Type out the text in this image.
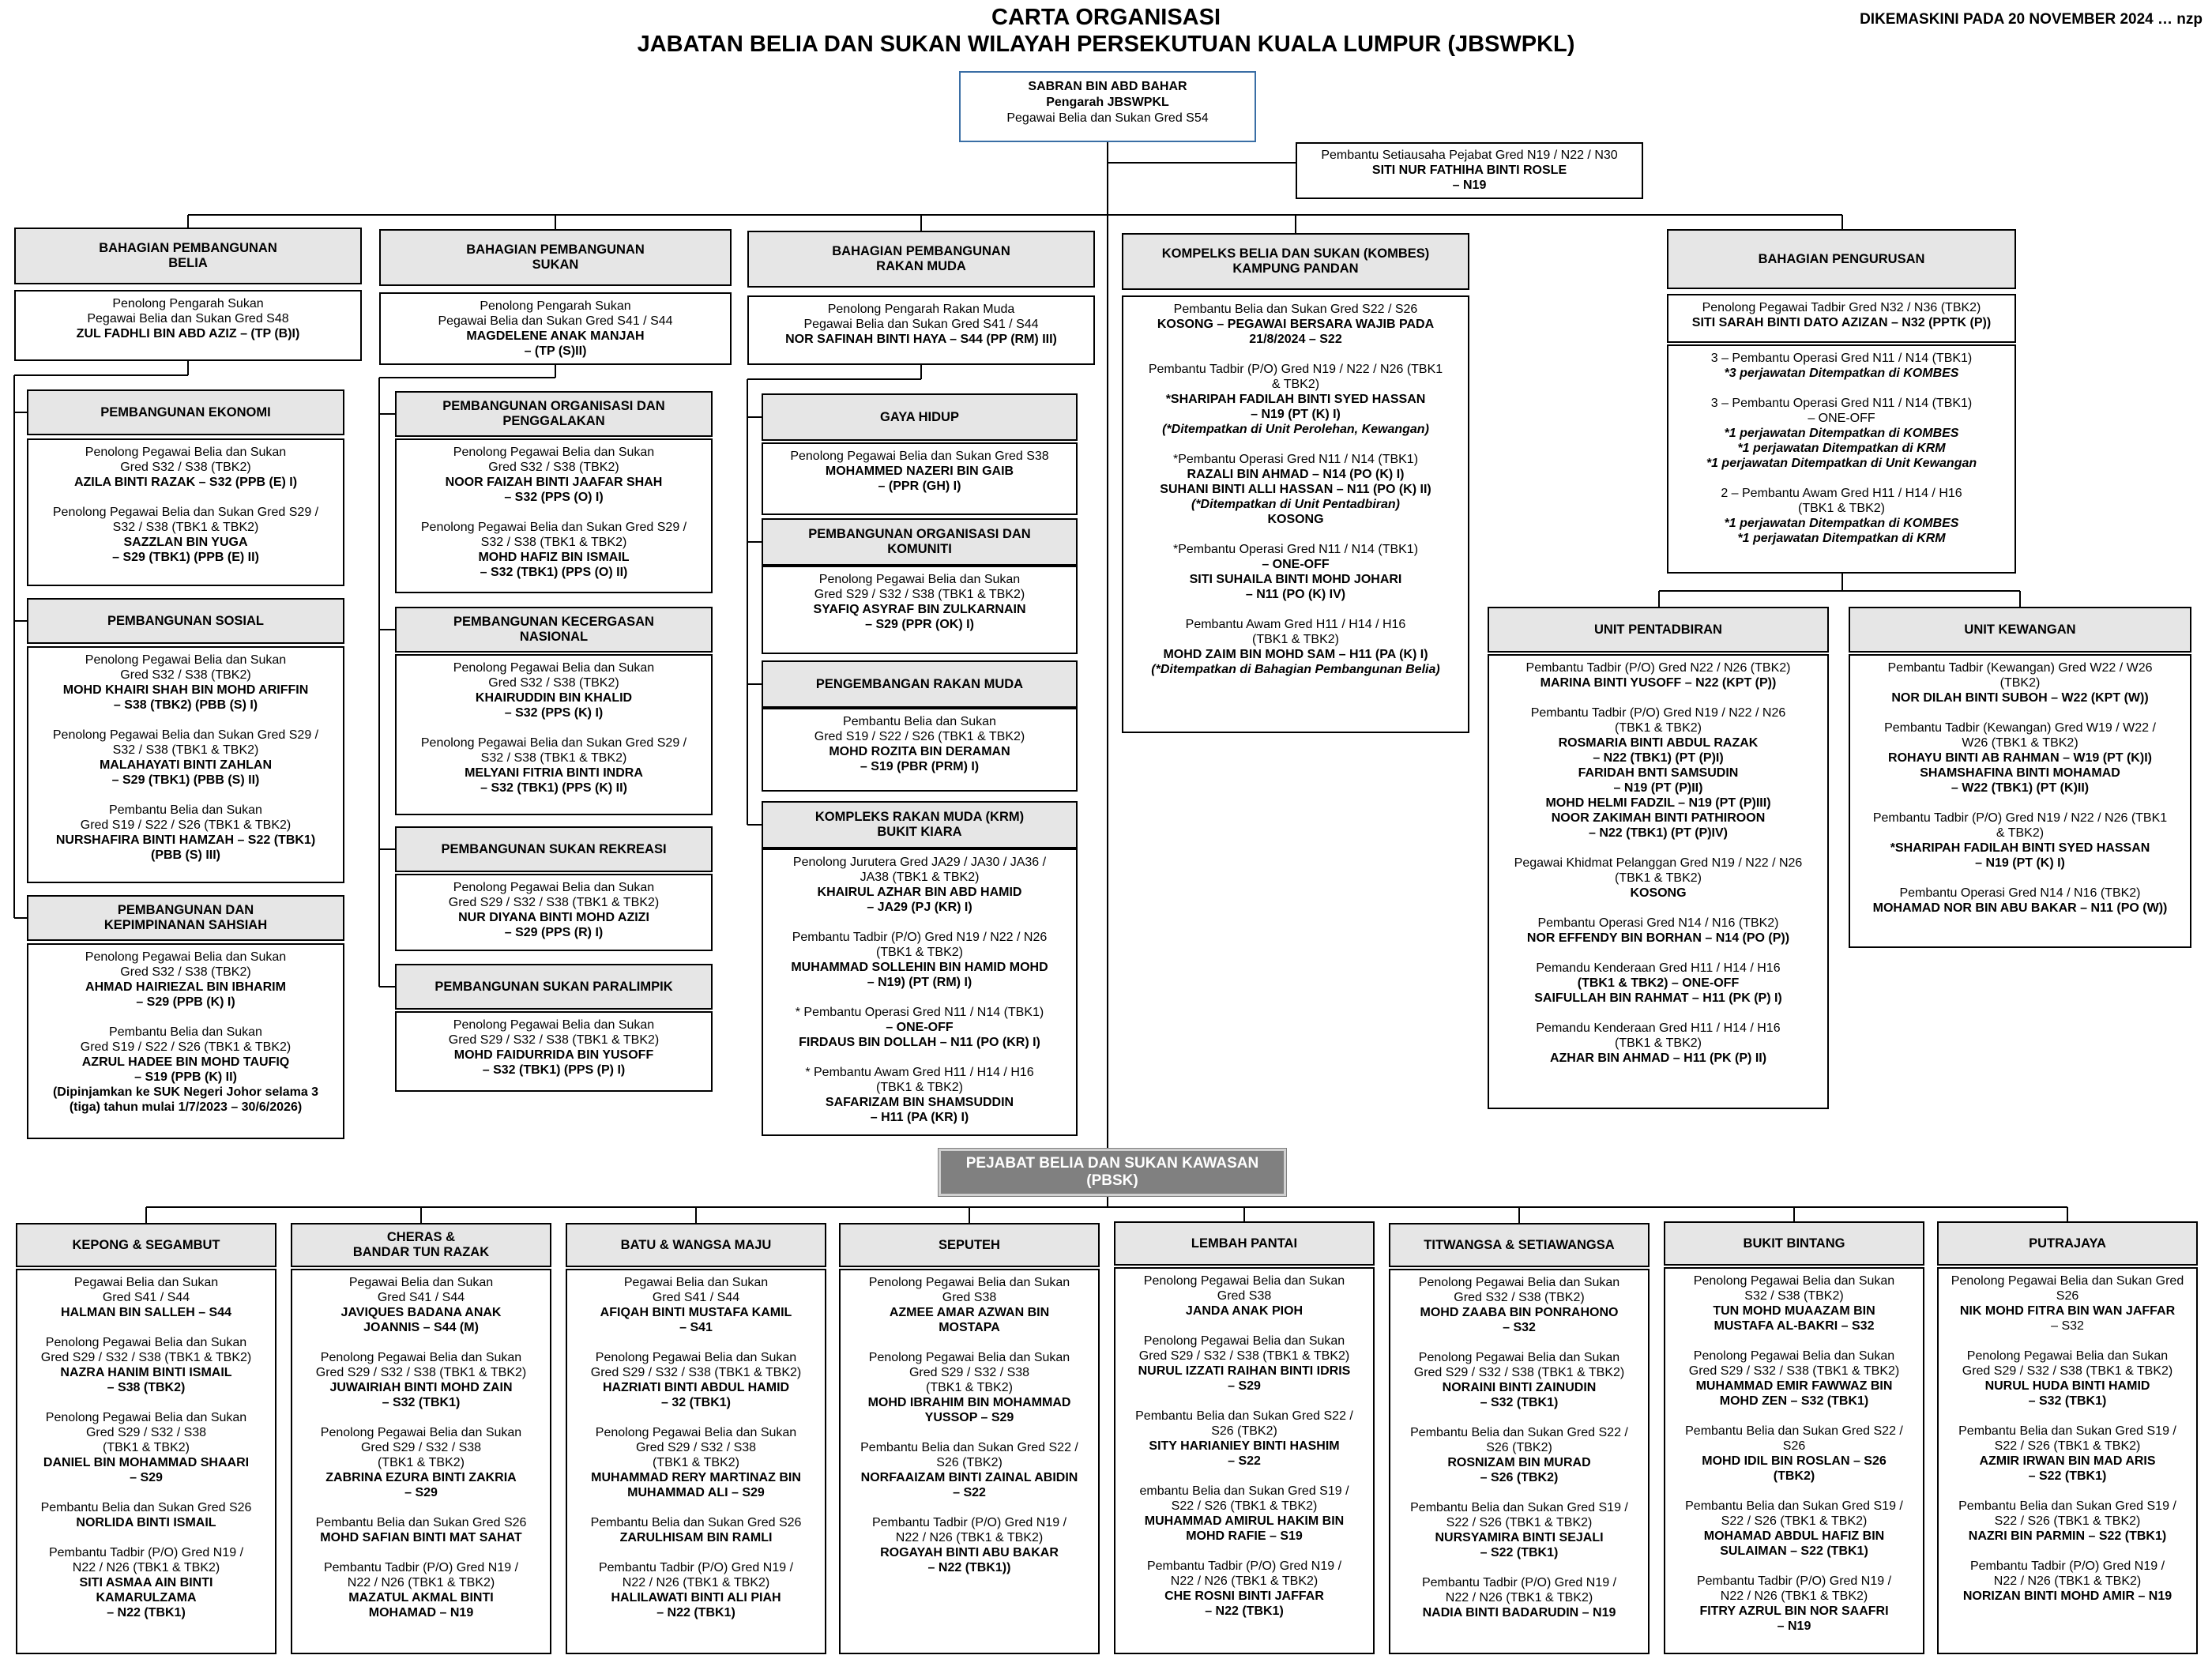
CARTA ORGANISASI
JABATAN BELIA DAN SUKAN WILAYAH PERSEKUTUAN KUALA LUMPUR (JBSWPKL)
DIKEMASKINI PADA 20 NOVEMBER 2024 … nzp
SABRAN BIN ABD BAHAR
Pengarah JBSWPKL
Pegawai Belia dan Sukan Gred S54
Pembantu Setiausaha Pejabat Gred N19 / N22 / N30
SITI NUR FATHIHA BINTI ROSLE
– N19
PEJABAT BELIA DAN SUKAN KAWASAN
(PBSK)
BAHAGIAN PEMBANGUNAN
BELIA
Penolong Pengarah Sukan
Pegawai Belia dan Sukan Gred S48
ZUL FADHLI BIN ABD AZIZ – (TP (B)I)
PEMBANGUNAN EKONOMI
Penolong Pegawai Belia dan Sukan
Gred S32 / S38 (TBK2)
AZILA BINTI RAZAK – S32 (PPB (E) I)
Penolong Pegawai Belia dan Sukan Gred S29 /
S32 / S38 (TBK1 & TBK2)
SAZZLAN BIN YUGA
– S29 (TBK1) (PPB (E) II)
PEMBANGUNAN SOSIAL
Penolong Pegawai Belia dan Sukan
Gred S32 / S38 (TBK2)
MOHD KHAIRI SHAH BIN MOHD ARIFFIN
– S38 (TBK2) (PBB (S) I)
Penolong Pegawai Belia dan Sukan Gred S29 /
S32 / S38 (TBK1 & TBK2)
MALAHAYATI BINTI ZAHLAN
– S29 (TBK1) (PBB (S) II)
Pembantu Belia dan Sukan
Gred S19 / S22 / S26 (TBK1 & TBK2)
NURSHAFIRA BINTI HAMZAH – S22 (TBK1)
(PBB (S) III)
PEMBANGUNAN DAN
KEPIMPINANAN SAHSIAH
Penolong Pegawai Belia dan Sukan
Gred S32 / S38 (TBK2)
AHMAD HAIRIEZAL BIN IBHARIM
– S29 (PPB (K) I)
Pembantu Belia dan Sukan
Gred S19 / S22 / S26 (TBK1 & TBK2)
AZRUL HADEE BIN MOHD TAUFIQ
– S19 (PPB (K) II)
(Dipinjamkan ke SUK Negeri Johor selama 3
(tiga) tahun mulai 1/7/2023 – 30/6/2026)
BAHAGIAN PEMBANGUNAN
SUKAN
Penolong Pengarah Sukan
Pegawai Belia dan Sukan Gred S41 / S44
MAGDELENE ANAK MANJAH
– (TP (S)II)
PEMBANGUNAN ORGANISASI DAN
PENGGALAKAN
Penolong Pegawai Belia dan Sukan
Gred S32 / S38 (TBK2)
NOOR FAIZAH BINTI JAAFAR SHAH
– S32 (PPS (O) I)
Penolong Pegawai Belia dan Sukan Gred S29 /
S32 / S38 (TBK1 & TBK2)
MOHD HAFIZ BIN ISMAIL
– S32 (TBK1) (PPS (O) II)
PEMBANGUNAN KECERGASAN
NASIONAL
Penolong Pegawai Belia dan Sukan
Gred S32 / S38 (TBK2)
KHAIRUDDIN BIN KHALID
– S32 (PPS (K) I)
Penolong Pegawai Belia dan Sukan Gred S29 /
S32 / S38 (TBK1 & TBK2)
MELYANI FITRIA BINTI INDRA
– S32 (TBK1) (PPS (K) II)
PEMBANGUNAN SUKAN REKREASI
Penolong Pegawai Belia dan Sukan
Gred S29 / S32 / S38 (TBK1 & TBK2)
NUR DIYANA BINTI MOHD AZIZI
– S29 (PPS (R) I)
PEMBANGUNAN SUKAN PARALIMPIK
Penolong Pegawai Belia dan Sukan
Gred S29 / S32 / S38 (TBK1 & TBK2)
MOHD FAIDURRIDA BIN YUSOFF
– S32 (TBK1) (PPS (P) I)
BAHAGIAN PEMBANGUNAN
RAKAN MUDA
Penolong Pengarah Rakan Muda
Pegawai Belia dan Sukan Gred S41 / S44
NOR SAFINAH BINTI HAYA – S44 (PP (RM) III)
GAYA HIDUP
Penolong Pegawai Belia dan Sukan Gred S38
MOHAMMED NAZERI BIN GAIB
– (PPR (GH) I)
PEMBANGUNAN ORGANISASI DAN
KOMUNITI
Penolong Pegawai Belia dan Sukan
Gred S29 / S32 / S38 (TBK1 & TBK2)
SYAFIQ ASYRAF BIN ZULKARNAIN
– S29 (PPR (OK) I)
PENGEMBANGAN RAKAN MUDA
Pembantu Belia dan Sukan
Gred S19 / S22 / S26 (TBK1 & TBK2)
MOHD ROZITA BIN DERAMAN
– S19 (PBR (PRM) I)
KOMPLEKS RAKAN MUDA (KRM)
BUKIT KIARA
Penolong Jurutera Gred JA29 / JA30 / JA36 /
JA38 (TBK1 & TBK2)
KHAIRUL AZHAR BIN ABD HAMID
– JA29 (PJ (KR) I)
Pembantu Tadbir (P/O) Gred N19 / N22 / N26
(TBK1 & TBK2)
MUHAMMAD SOLLEHIN BIN HAMID MOHD
– N19) (PT (RM) I)
* Pembantu Operasi Gred N11 / N14 (TBK1)
– ONE-OFF
FIRDAUS BIN DOLLAH – N11 (PO (KR) I)
* Pembantu Awam Gred H11 / H14 / H16
(TBK1 & TBK2)
SAFARIZAM BIN SHAMSUDDIN
– H11 (PA (KR) I)
KOMPELKS BELIA DAN SUKAN (KOMBES)
KAMPUNG PANDAN
Pembantu Belia dan Sukan Gred S22 / S26
KOSONG – PEGAWAI BERSARA WAJIB PADA
21/8/2024 – S22
Pembantu Tadbir (P/O) Gred N19 / N22 / N26 (TBK1
& TBK2)
*SHARIPAH FADILAH BINTI SYED HASSAN
– N19 (PT (K) I)
(*Ditempatkan di Unit Perolehan, Kewangan)
*Pembantu Operasi Gred N11 / N14 (TBK1)
RAZALI BIN AHMAD – N14 (PO (K) I)
SUHANI BINTI ALLI HASSAN – N11 (PO (K) II)
(*Ditempatkan di Unit Pentadbiran)
KOSONG
*Pembantu Operasi Gred N11 / N14 (TBK1)
– ONE-OFF
SITI SUHAILA BINTI MOHD JOHARI
– N11 (PO (K) IV)
Pembantu Awam Gred H11 / H14 / H16
(TBK1 & TBK2)
MOHD ZAIM BIN MOHD SAM – H11 (PA (K) I)
(*Ditempatkan di Bahagian Pembangunan Belia)
BAHAGIAN PENGURUSAN
Penolong Pegawai Tadbir Gred N32 / N36 (TBK2)
SITI SARAH BINTI DATO AZIZAN – N32 (PPTK (P))
3 – Pembantu Operasi Gred N11 / N14 (TBK1)
*3 perjawatan Ditempatkan di KOMBES
3 – Pembantu Operasi Gred N11 / N14 (TBK1)
– ONE-OFF
*1 perjawatan Ditempatkan di KOMBES
*1 perjawatan Ditempatkan di KRM
*1 perjawatan Ditempatkan di Unit Kewangan
2 – Pembantu Awam Gred H11 / H14 / H16
(TBK1 & TBK2)
*1 perjawatan Ditempatkan di KOMBES
*1 perjawatan Ditempatkan di KRM
UNIT PENTADBIRAN
Pembantu Tadbir (P/O) Gred N22 / N26 (TBK2)
MARINA BINTI YUSOFF – N22 (KPT (P))
Pembantu Tadbir (P/O) Gred N19 / N22 / N26
(TBK1 & TBK2)
ROSMARIA BINTI ABDUL RAZAK
– N22 (TBK1) (PT (P)I)
FARIDAH BNTI SAMSUDIN
– N19 (PT (P)II)
MOHD HELMI FADZIL – N19 (PT (P)III)
NOOR ZAKIMAH BINTI PATHIROON
– N22 (TBK1) (PT (P)IV)
Pegawai Khidmat Pelanggan Gred N19 / N22 / N26
(TBK1 & TBK2)
KOSONG
Pembantu Operasi Gred N14 / N16 (TBK2)
NOR EFFENDY BIN BORHAN – N14 (PO (P))
Pemandu Kenderaan Gred H11 / H14 / H16
(TBK1 & TBK2) – ONE-OFF
SAIFULLAH BIN RAHMAT – H11 (PK (P) I)
Pemandu Kenderaan Gred H11 / H14 / H16
(TBK1 & TBK2)
AZHAR BIN AHMAD – H11 (PK (P) II)
UNIT KEWANGAN
Pembantu Tadbir (Kewangan) Gred W22 / W26
(TBK2)
NOR DILAH BINTI SUBOH – W22 (KPT (W))
Pembantu Tadbir (Kewangan) Gred W19 / W22 /
W26 (TBK1 & TBK2)
ROHAYU BINTI AB RAHMAN – W19 (PT (K)I)
SHAMSHAFINA BINTI MOHAMAD
– W22 (TBK1) (PT (K)II)
Pembantu Tadbir (P/O) Gred N19 / N22 / N26 (TBK1
& TBK2)
*SHARIPAH FADILAH BINTI SYED HASSAN
– N19 (PT (K) I)
Pembantu Operasi Gred N14 / N16 (TBK2)
MOHAMAD NOR BIN ABU BAKAR – N11 (PO (W))
KEPONG & SEGAMBUT
Pegawai Belia dan Sukan
Gred S41 / S44
HALMAN BIN SALLEH – S44
Penolong Pegawai Belia dan Sukan
Gred S29 / S32 / S38 (TBK1 & TBK2)
NAZRA HANIM BINTI ISMAIL
– S38 (TBK2)
Penolong Pegawai Belia dan Sukan
Gred S29 / S32 / S38
(TBK1 & TBK2)
DANIEL BIN MOHAMMAD SHAARI
– S29
Pembantu Belia dan Sukan Gred S26
NORLIDA BINTI ISMAIL
Pembantu Tadbir (P/O) Gred N19 /
N22 / N26 (TBK1 & TBK2)
SITI ASMAA AIN BINTI
KAMARULZAMA
– N22 (TBK1)
CHERAS &
BANDAR TUN RAZAK
Pegawai Belia dan Sukan
Gred S41 / S44
JAVIQUES BADANA ANAK
JOANNIS – S44 (M)
Penolong Pegawai Belia dan Sukan
Gred S29 / S32 / S38 (TBK1 & TBK2)
JUWAIRIAH BINTI MOHD ZAIN
– S32 (TBK1)
Penolong Pegawai Belia dan Sukan
Gred S29 / S32 / S38
(TBK1 & TBK2)
ZABRINA EZURA BINTI ZAKRIA
– S29
Pembantu Belia dan Sukan Gred S26
MOHD SAFIAN BINTI MAT SAHAT
Pembantu Tadbir (P/O) Gred N19 /
N22 / N26 (TBK1 & TBK2)
MAZATUL AKMAL BINTI
MOHAMAD – N19
BATU & WANGSA MAJU
Pegawai Belia dan Sukan
Gred S41 / S44
AFIQAH BINTI MUSTAFA KAMIL
– S41
Penolong Pegawai Belia dan Sukan
Gred S29 / S32 / S38 (TBK1 & TBK2)
HAZRIATI BINTI ABDUL HAMID
– 32 (TBK1)
Penolong Pegawai Belia dan Sukan
Gred S29 / S32 / S38
(TBK1 & TBK2)
MUHAMMAD RERY MARTINAZ BIN
MUHAMMAD ALI – S29
Pembantu Belia dan Sukan Gred S26
ZARULHISAM BIN RAMLI
Pembantu Tadbir (P/O) Gred N19 /
N22 / N26 (TBK1 & TBK2)
HALILAWATI BINTI ALI PIAH
– N22 (TBK1)
SEPUTEH
Penolong Pegawai Belia dan Sukan
Gred S38
AZMEE AMAR AZWAN BIN
MOSTAPA
Penolong Pegawai Belia dan Sukan
Gred S29 / S32 / S38
(TBK1 & TBK2)
MOHD IBRAHIM BIN MOHAMMAD
YUSSOP – S29
Pembantu Belia dan Sukan Gred S22 /
S26 (TBK2)
NORFAAIZAM BINTI ZAINAL ABIDIN
– S22
Pembantu Tadbir (P/O) Gred N19 /
N22 / N26 (TBK1 & TBK2)
ROGAYAH BINTI ABU BAKAR
– N22 (TBK1))
LEMBAH PANTAI
Penolong Pegawai Belia dan Sukan
Gred S38
JANDA ANAK PIOH
Penolong Pegawai Belia dan Sukan
Gred S29 / S32 / S38 (TBK1 & TBK2)
NURUL IZZATI RAIHAN BINTI IDRIS
– S29
Pembantu Belia dan Sukan Gred S22 /
S26 (TBK2)
SITY HARIANIEY BINTI HASHIM
– S22
embantu Belia dan Sukan Gred S19 /
S22 / S26 (TBK1 & TBK2)
MUHAMMAD AMIRUL HAKIM BIN
MOHD RAFIE – S19
Pembantu Tadbir (P/O) Gred N19 /
N22 / N26 (TBK1 & TBK2)
CHE ROSNI BINTI JAFFAR
– N22 (TBK1)
TITWANGSA & SETIAWANGSA
Penolong Pegawai Belia dan Sukan
Gred S32 / S38 (TBK2)
MOHD ZAABA BIN PONRAHONO
– S32
Penolong Pegawai Belia dan Sukan
Gred S29 / S32 / S38 (TBK1 & TBK2)
NORAINI BINTI ZAINUDIN
– S32 (TBK1)
Pembantu Belia dan Sukan Gred S22 /
S26 (TBK2)
ROSNIZAM BIN MURAD
– S26 (TBK2)
Pembantu Belia dan Sukan Gred S19 /
S22 / S26 (TBK1 & TBK2)
NURSYAMIRA BINTI SEJALI
– S22 (TBK1)
Pembantu Tadbir (P/O) Gred N19 /
N22 / N26 (TBK1 & TBK2)
NADIA BINTI BADARUDIN – N19
BUKIT BINTANG
Penolong Pegawai Belia dan Sukan
S32 / S38 (TBK2)
TUN MOHD MUAAZAM BIN
MUSTAFA AL-BAKRI – S32
Penolong Pegawai Belia dan Sukan
Gred S29 / S32 / S38 (TBK1 & TBK2)
MUHAMMAD EMIR FAWWAZ BIN
MOHD ZEN – S32 (TBK1)
Pembantu Belia dan Sukan Gred S22 /
S26
MOHD IDIL BIN ROSLAN – S26
(TBK2)
Pembantu Belia dan Sukan Gred S19 /
S22 / S26 (TBK1 & TBK2)
MOHAMAD ABDUL HAFIZ BIN
SULAIMAN – S22 (TBK1)
Pembantu Tadbir (P/O) Gred N19 /
N22 / N26 (TBK1 & TBK2)
FITRY AZRUL BIN NOR SAAFRI
– N19
PUTRAJAYA
Penolong Pegawai Belia dan Sukan Gred S26
NIK MOHD FITRA BIN WAN JAFFAR
– S32
Penolong Pegawai Belia dan Sukan
Gred S29 / S32 / S38 (TBK1 & TBK2)
NURUL HUDA BINTI HAMID
– S32 (TBK1)
Pembantu Belia dan Sukan Gred S19 /
S22 / S26 (TBK1 & TBK2)
AZMIR IRWAN BIN MAD ARIS
– S22 (TBK1)
Pembantu Belia dan Sukan Gred S19 /
S22 / S26 (TBK1 & TBK2)
NAZRI BIN PARMIN – S22 (TBK1)
Pembantu Tadbir (P/O) Gred N19 /
N22 / N26 (TBK1 & TBK2)
NORIZAN BINTI MOHD AMIR – N19
